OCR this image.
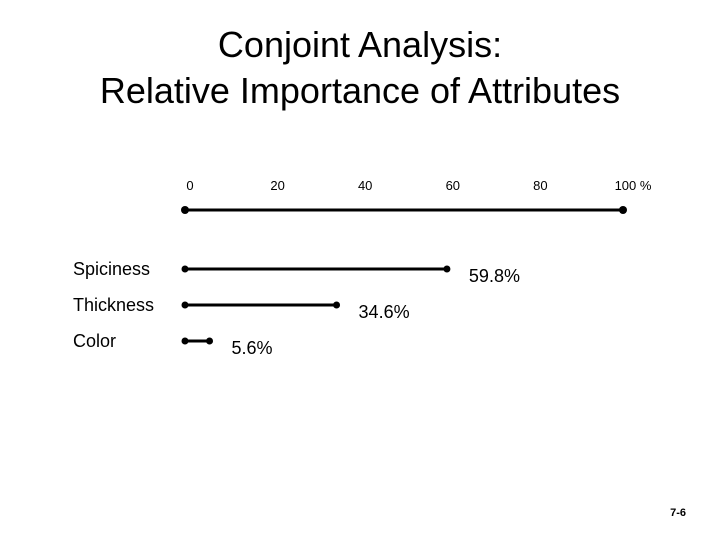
Conjoint Analysis:
Relative Importance of Attributes
0	20	40	60	80	100 %
Spiciness	59.8%
Thickness	34.6%
Color	5.6%
7-6
